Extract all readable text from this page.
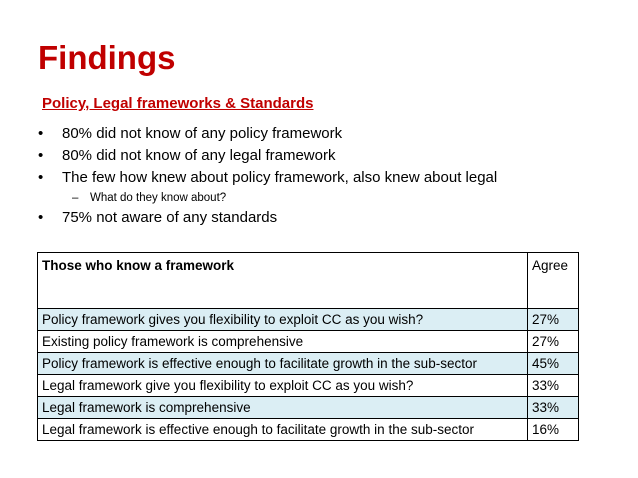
Findings
Policy, Legal frameworks & Standards
• 80% did not know of any policy framework
• 80% did not know of any legal framework
• The few how knew about policy framework, also knew about legal
– What do they know about?
• 75% not aware of any standards
Those who know a framework	Agree
Policy framework gives you flexibility to exploit CC as you wish?	27%
Existing policy framework is comprehensive	27%
Policy framework is effective enough to facilitate growth in the sub-sector	45%
Legal framework give you flexibility to exploit CC as you wish?	33%
Legal framework is comprehensive	33%
Legal framework is effective enough to facilitate growth in the sub-sector	16%
